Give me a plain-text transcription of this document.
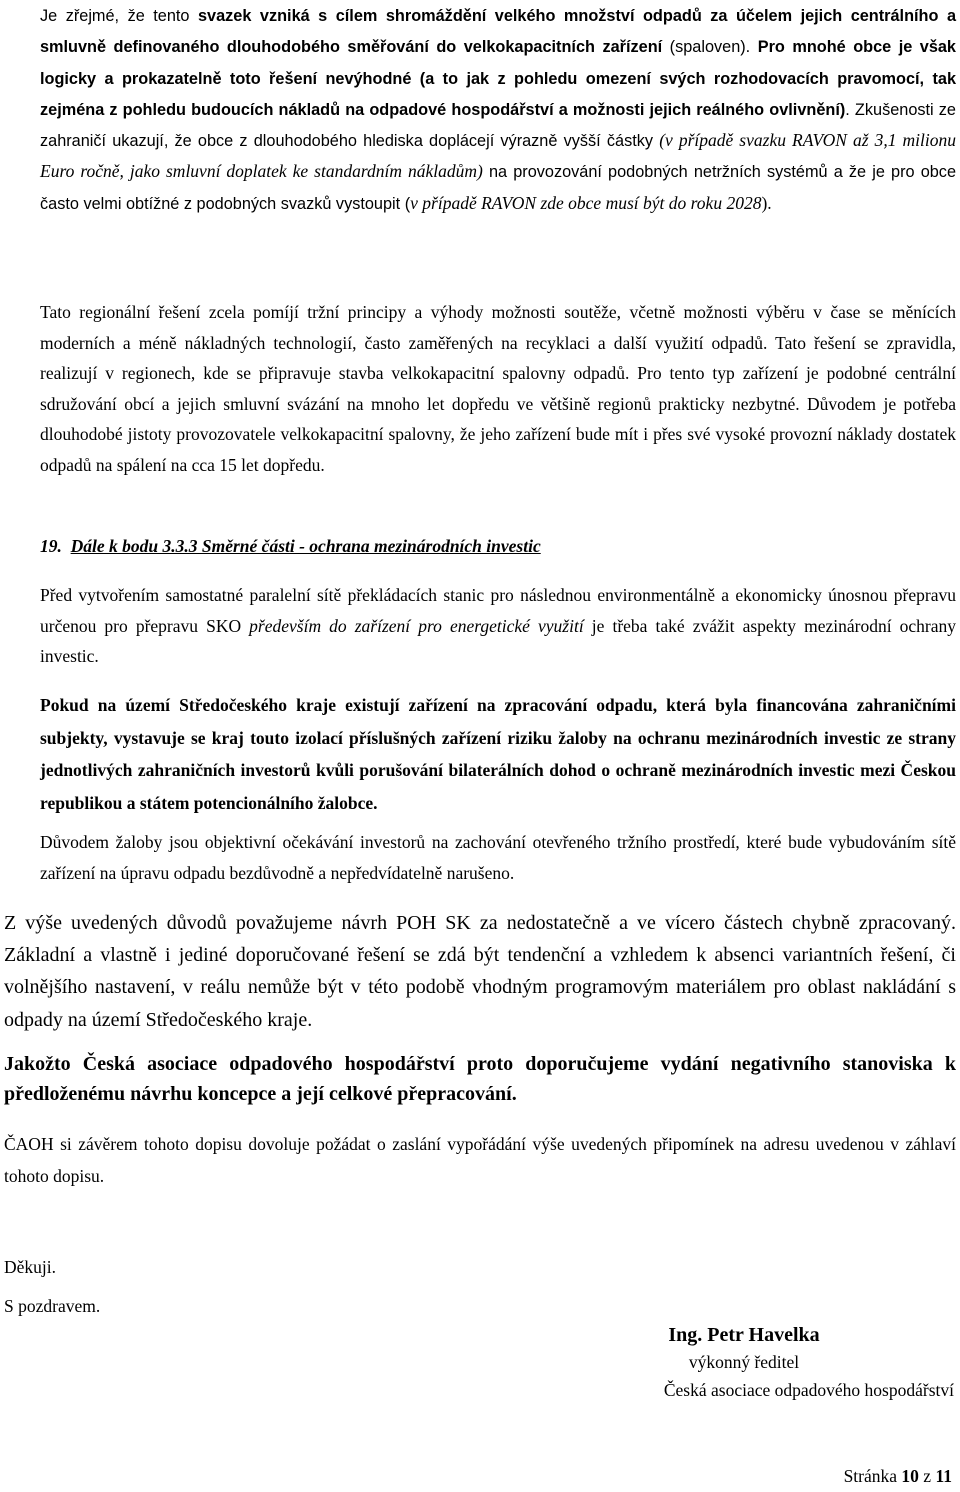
Je zřejmé, že tento svazek vzniká s cílem shromáždění velkého množství odpadů za účelem jejich centrálního a smluvně definovaného dlouhodobého směřování do velkokapacitních zařízení (spaloven). Pro mnohé obce je však logicky a prokazatelně toto řešení nevýhodné (a to jak z pohledu omezení svých rozhodovacích pravomocí, tak zejména z pohledu budoucích nákladů na odpadové hospodářství a možnosti jejich reálného ovlivnění). Zkušenosti ze zahraničí ukazují, že obce z dlouhodobého hlediska doplácejí výrazně vyšší částky (v případě svazku RAVON až 3,1 milionu Euro ročně, jako smluvní doplatek ke standardním nákladům) na provozování podobných netržních systémů a že je pro obce často velmi obtížné z podobných svazků vystoupit (v případě RAVON zde obce musí být do roku 2028).
Tato regionální řešení zcela pomíjí tržní principy a výhody možnosti soutěže, včetně možnosti výběru v čase se měnících moderních a méně nákladných technologií, často zaměřených na recyklaci a další využití odpadů. Tato řešení se zpravidla, realizují v regionech, kde se připravuje stavba velkokapacitní spalovny odpadů. Pro tento typ zařízení je podobné centrální sdružování obcí a jejich smluvní svázání na mnoho let dopředu ve většině regionů prakticky nezbytné. Důvodem je potřeba dlouhodobé jistoty provozovatele velkokapacitní spalovny, že jeho zařízení bude mít i přes své vysoké provozní náklady dostatek odpadů na spálení na cca 15 let dopředu.
19. Dále k bodu 3.3.3 Směrné části - ochrana mezinárodních investic
Před vytvořením samostatné paralelní sítě překládacích stanic pro následnou environmentálně a ekonomicky únosnou přepravu určenou pro přepravu SKO především do zařízení pro energetické využití je třeba také zvážit aspekty mezinárodní ochrany investic.
Pokud na území Středočeského kraje existují zařízení na zpracování odpadu, která byla financována zahraničními subjekty, vystavuje se kraj touto izolací příslušných zařízení riziku žaloby na ochranu mezinárodních investic ze strany jednotlivých zahraničních investorů kvůli porušování bilaterálních dohod o ochraně mezinárodních investic mezi Českou republikou a státem potencionálního žalobce.
Důvodem žaloby jsou objektivní očekávání investorů na zachování otevřeného tržního prostředí, které bude vybudováním sítě zařízení na úpravu odpadu bezdůvodně a nepředvídatelně narušeno.
Z výše uvedených důvodů považujeme návrh POH SK za nedostatečně a ve vícero částech chybně zpracovaný. Základní a vlastně i jediné doporučované řešení se zdá být tendenční a vzhledem k absenci variantních řešení, či volnějšího nastavení, v reálu nemůže být v této podobě vhodným programovým materiálem pro oblast nakládání s odpady na území Středočeského kraje.
Jakožto Česká asociace odpadového hospodářství proto doporučujeme vydání negativního stanoviska k předloženému návrhu koncepce a její celkové přepracování.
ČAOH si závěrem tohoto dopisu dovoluje požádat o zaslání vypořádání výše uvedených připomínek na adresu uvedenou v záhlaví tohoto dopisu.
Děkuji.
S pozdravem.
Ing. Petr Havelka
výkonný ředitel
Česká asociace odpadového hospodářství
Stránka 10 z 11
